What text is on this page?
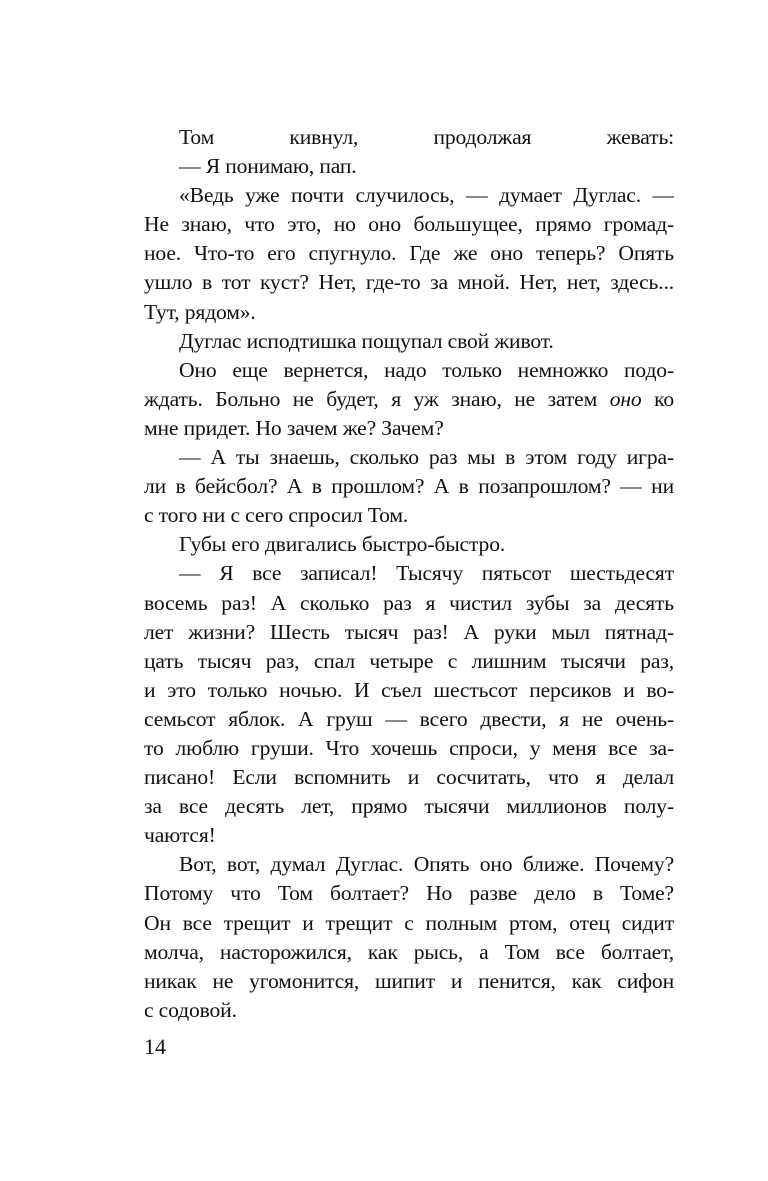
Том кивнул, продолжая жевать:
— Я понимаю, пап.
«Ведь уже почти случилось, — думает Дуглас. —
Не знаю, что это, но оно большущее, прямо громад-
ное. Что-то его спугнуло. Где же оно теперь? Опять
ушло в тот куст? Нет, где-то за мной. Нет, нет, здесь...
Тут, рядом».
Дуглас исподтишка пощупал свой живот.
Оно еще вернется, надо только немножко подо-
ждать. Больно не будет, я уж знаю, не затем оно ко
мне придет. Но зачем же? Зачем?
— А ты знаешь, сколько раз мы в этом году игра-
ли в бейсбол? А в прошлом? А в позапрошлом? — ни
с того ни с сего спросил Том.
Губы его двигались быстро-быстро.
— Я все записал! Тысячу пятьсот шестьдесят
восемь раз! А сколько раз я чистил зубы за десять
лет жизни? Шесть тысяч раз! А руки мыл пятнад-
цать тысяч раз, спал четыре с лишним тысячи раз,
и это только ночью. И съел шестьсот персиков и во-
семьсот яблок. А груш — всего двести, я не очень-
то люблю груши. Что хочешь спроси, у меня все за-
писано! Если вспомнить и сосчитать, что я делал
за все десять лет, прямо тысячи миллионов полу-
чаются!
Вот, вот, думал Дуглас. Опять оно ближе. Почему?
Потому что Том болтает? Но разве дело в Томе?
Он все трещит и трещит с полным ртом, отец сидит
молча, насторожился, как рысь, а Том все болтает,
никак не угомонится, шипит и пенится, как сифон
с содовой.
14
